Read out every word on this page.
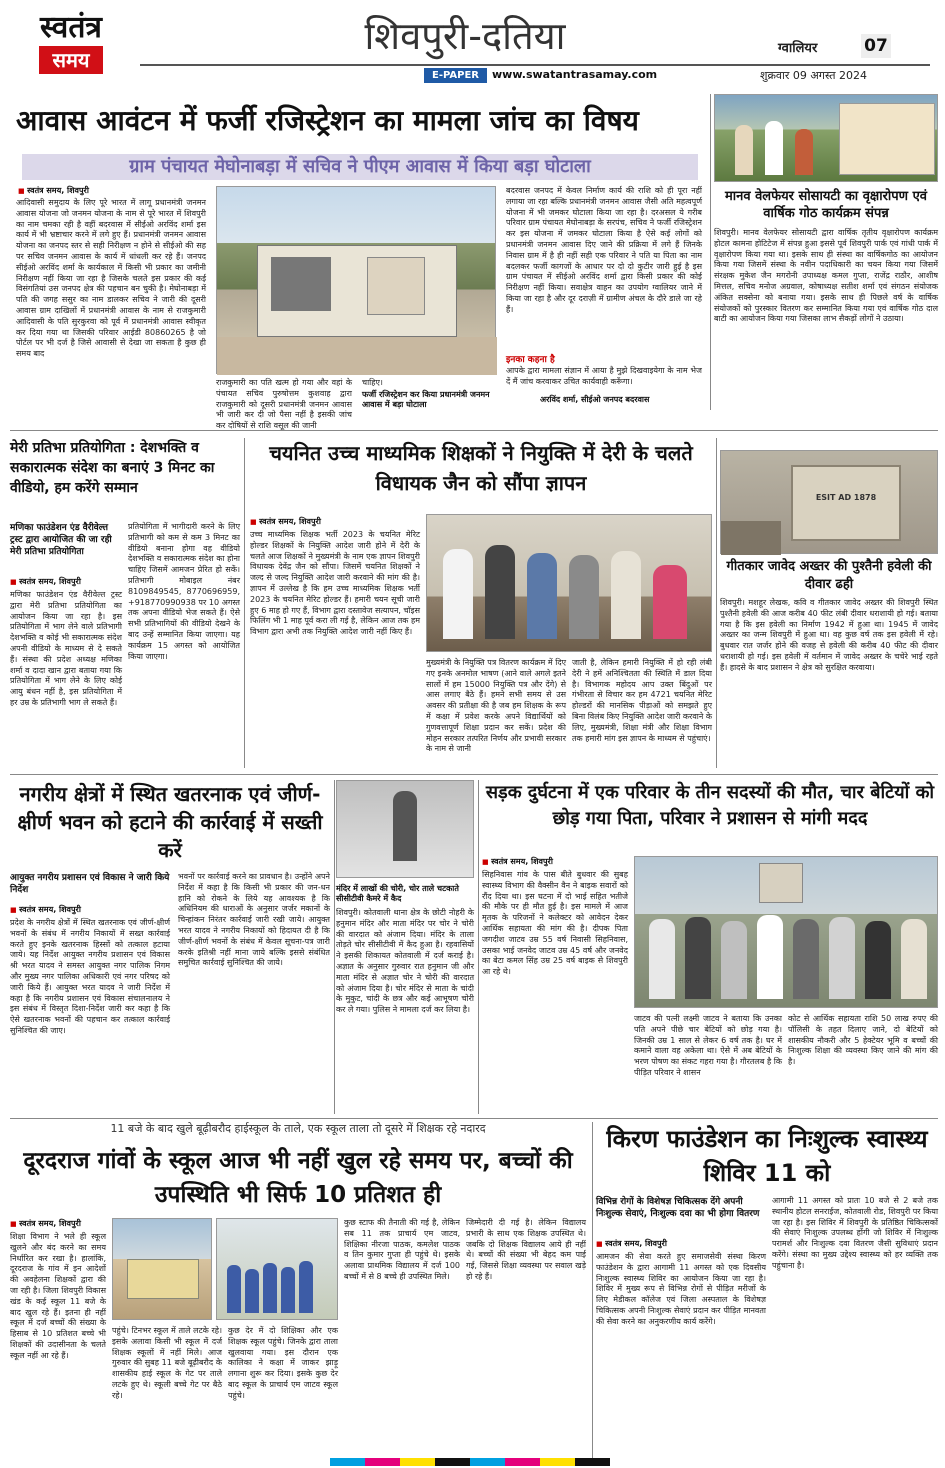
स्वतंत्र
समय
शिवपुरी-दतिया
E-PAPER	www.swatantrasamay.com
ग्वालियर	07
शुक्रवार 09 अगस्त 2024
आवास आवंटन में फर्जी रजिस्ट्रेशन का मामला जांच का विषय
ग्राम पंचायत मेघोनाबड़ा में सचिव ने पीएम आवास में किया बड़ा घोटाला
■ स्वतंत्र समय, शिवपुरी
आदिवासी समुदाय के लिए पूरे भारत में लागू प्रधानमंत्री जनमन आवास योजना जो जनमन योजना के नाम से पूरे भारत में शिवपुरी का नाम चमका रही है वहीं बदरवास में सीईओ अरविंद शर्मा इस कार्य में भी भ्रष्टाचार करने में लगे हुए हैं। प्रधानमंत्री जनमन आवास योजना का जनपद स्तर से सही निरीक्षण न होने से सीईओ की सह पर सचिव जनमन आवास के कार्य में धांधली कर रहे हैं। जनपद सीईओ अरविंद शर्मा के कार्यकाल में किसी भी प्रकार का जमीनी निरीक्षण नहीं किया जा रहा है जिसके चलते इस प्रकार की कई विसंगतियां उस जनपद क्षेत्र की पहचान बन चुकी है। मेघोनाबड़ा में पति की जगह ससुर का नाम डालकर सचिव ने जारी की दूसरी आवास ग्राम दाखिलों में प्रधानमंत्री आवास के नाम से राजकुमारी आदिवासी के पति सुरकुरवा को पूर्व में प्रधानमंत्री आवास स्वीकृत कर दिया गया था जिसकी परिवार आईडी 80860265 है जो पोर्टल पर भी दर्ज है जिसे आवासी से देखा जा सकता है कुछ ही समय बाद
राजकुमारी का पति खत्म हो गया और वहां के पंचायत सचिव पुरुषोत्तम कुशवाह द्वारा राजकुमारी को दूसरी प्रधानमंत्री जनमन आवास भी जारी कर दी जो पैसा नहीं है इसकी जांच कर दोषियों से राशि वसूल की जानी
चाहिए।
फर्जी रजिस्ट्रेशन कर किया प्रधानमंत्री जनमन आवास में बड़ा घोटाला
बदरवास जनपद में केवल निर्माण कार्य की राशि को ही पूरा नहीं लगाया जा रहा बल्कि प्रधानमंत्री जनमन आवास जैसी अति महत्वपूर्ण योजना में भी जमकर घोटाला किया जा रहा है। दरअसल ये गरीब परिवार ग्राम पंचायत मेघोनाबड़ा के सरपंच, सचिव ने फर्जी रजिस्ट्रेशन कर इस योजना में जमकर घोटाला किया है ऐसे कई लोगों को प्रधानमंत्री जनमन आवास दिए जाने की प्रक्रिया में लगे हैं जिनके निवास ग्राम में है ही नहीं सही एक परिवार ने पति या पिता का नाम बदलकर फर्जी कागजों के आधार पर दो दो कुटीर जारी हुई है इस ग्राम पंचायत में सीईओ अरविंद शर्मा द्वारा किसी प्रकार की कोई निरीक्षण नहीं किया। सवाक्षेत्र वाहन का उपयोग ग्वालियर जाने में किया जा रहा है और दूर दराज़ी में ग्रामीण अंचल के दौरे डाले जा रहे हैं।
इनका कहना है
आपके द्वारा मामला संज्ञान में आया है मुझे दिखवाइयेगा के नाम भेज दें मैं जांच करवाकर उचित कार्यवाही करूँगा।
अरविंद शर्मा, सीईओ जनपद बदरवास
मानव वेलफेयर सोसायटी का वृक्षारोपण एवं वार्षिक गोठ कार्यक्रम संपन्न
शिवपुरी। मानव वेलफेयर सोसायटी द्वारा वार्षिक तृतीय वृक्षारोपण कार्यक्रम होटल कामना होटिटेज में संपन्न हुआ इससे पूर्व शिवपुरी पार्क एवं गांधी पार्क में वृक्षारोपण किया गया था। इसके साथ ही संस्था का वार्षिकगोठ का आयोजन किया गया जिसमें संस्था के नवीन पदाधिकारी का चयन किया गया जिसमें संरक्षक मुकेश जैन मगरोनी उपाध्यक्ष कमल गुप्ता, राजेंद्र राठौर, आशीष मित्तल, सचिव मनोज अग्रवाल, कोषाध्यक्ष सतीश शर्मा एवं संगठन संयोजक अंकित सक्सेना को बनाया गया। इसके साथ ही पिछले वर्ष के वार्षिक संयोजकों को पुरस्कार वितरण कर सम्मानित किया गया एवं वार्षिक गोठ दाल बाटी का आयोजन किया गया जिसका लाभ सैकड़ों लोगों ने उठाया।
मेरी प्रतिभा प्रतियोगिता : देशभक्ति व सकारात्मक संदेश का बनाएं 3 मिनट का वीडियो, हम करेंगे सम्मान
मणिका फाउंडेशन एंड वैरीवेल्त ट्रस्ट द्वारा आयोजित की जा रही मेरी प्रतिभा प्रतियोगिता
■ स्वतंत्र समय, शिवपुरी
मणिका फाउंडेशन एंड वैरीवेल्त ट्रस्ट द्वारा मेरी प्रतिभा प्रतियोगिता का आयोजन किया जा रहा है। इस प्रतियोगिता में भाग लेने वाले प्रतिभागी देशभक्ति व कोई भी सकारात्मक संदेश अपनी वीडियो के माध्यम से दे सकते हैं। संस्था की प्रदेश अध्यक्ष मणिका शर्मा व दादा खान द्वारा बताया गया कि प्रतियोगिता में भाग लेने के लिए कोई आयु बंधन नहीं है, इस प्रतियोगिता में हर उम्र के प्रतिभागी भाग ले सकते हैं।
प्रतियोगिता में भागीदारी करने के लिए प्रतिभागी को कम से कम 3 मिनट का वीडियो बनाना होगा वह वीडियो देशभक्ति व सकारात्मक संदेश का होना चाहिए जिसमें आमजन प्रेरित हो सकें। प्रतिभागी मोबाइल नंबर 8109849545, 8770696959, +918770990938 पर 10 अगस्त तक अपना वीडियो भेज सकते हैं। ऐसे सभी प्रतिभागियों की वीडियो देखने के बाद उन्हें सम्मानित किया जाएगा। यह कार्यक्रम 15 अगस्त को आयोजित किया जाएगा।
चयनित उच्च माध्यमिक शिक्षकों ने नियुक्ति में देरी के चलते विधायक जैन को सौंपा ज्ञापन
■ स्वतंत्र समय, शिवपुरी
उच्च माध्यमिक शिक्षक भर्ती 2023 के चयनित मेरिट होल्डर शिक्षकों के नियुक्ति आदेश जारी होने में देरी के चलते आज शिक्षकों ने मुख्यमंत्री के नाम एक ज्ञापन शिवपुरी विधायक देवेंद्र जैन को सौंपा। जिसमें चयनित शिक्षकों ने जल्द से जल्द नियुक्ति आदेश जारी करवाने की मांग की है। ज्ञापन में उल्लेख है कि हम उच्च माध्यमिक शिक्षक भर्ती 2023 के चयनित मेरिट होल्डर हैं। हमारी चयन सूची जारी हुए 6 माह हो गए हैं, विभाग द्वारा दस्तावेज सत्यापन, चॉइस फिलिंग भी 1 माह पूर्व करा ली गई है, लेकिन आज तक हम विभाग द्वारा अभी तक नियुक्ति आदेश जारी नहीं किए हैं।
मुख्यमंत्री के नियुक्ति पत्र वितरण कार्यक्रम में दिए गए इनके अनमोल भाषण (आने वाले अगले इतने सालों में हम 15000 नियुक्ति पत्र और देंगे) से आस लगाए बैठे हैं। हमने सभी समय से उस अवसर की प्रतीक्षा की है जब हम शिक्षक के रूप में कक्षा में प्रवेश करके अपने विद्यार्थियों को गुणवत्तापूर्ण शिक्षा प्रदान कर सकें। प्रदेश की मोहन सरकार तत्परित निर्णय और प्रभावी सरकार के नाम से जानी
जाती है, लेकिन हमारी नियुक्ति में हो रही लंबी देरी ने हमें अनिश्चितता की स्थिति में डाल दिया है। विभागक महोदय आप उक्त बिंदुओं पर गंभीरता से विचार कर हम 4721 चयनित मेरिट होल्डरों की मानसिक पीड़ाओं को समझते हुए बिना विलंब किए नियुक्ति आदेश जारी करवाने के लिए, मुख्यमंत्री, शिक्षा मंत्री और शिक्षा विभाग तक हमारी मांग इस ज्ञापन के माध्यम से पहुंचाएं।
ESIT AD 1878
गीतकार जावेद अख्तर की पुश्तैनी हवेली की दीवार ढही
शिवपुरी। मशहूर लेखक, कवि व गीतकार जावेद अख्तर की शिवपुरी स्थित पुश्तैनी हवेली की आज करीब 40 फीट लंबी दीवार धराशायी हो गई। बताया गया है कि इस हवेली का निर्माण 1942 में हुआ था। 1945 में जावेद अख्तर का जन्म शिवपुरी में हुआ था। वह कुछ वर्ष तक इस हवेली में रहे। बुधवार रात जर्जर होने की वजह से हवेली की करीब 40 फीट की दीवार धराशायी हो गई। इस हवेली में वर्तमान में जावेद अख्तर के चचेरे भाई रहते हैं। हादसे के बाद प्रशासन ने क्षेत्र को सुरक्षित करवाया।
नगरीय क्षेत्रों में स्थित खतरनाक एवं जीर्ण-क्षीर्ण भवन को हटाने की कार्रवाई में सख्ती करें
आयुक्त नगरीय प्रशासन एवं विकास ने जारी किये निर्देश
■ स्वतंत्र समय, शिवपुरी
प्रदेश के नगरीय क्षेत्रों में स्थित खतरनाक एवं जीर्ण-क्षीर्ण भवनों के संबंध में नगरीय निकायों में सख्त कार्रवाई करते हुए इनके खतरनाक हिस्सों को तत्काल हटाया जाये। यह निर्देश आयुक्त नगरीय प्रशासन एवं विकास श्री भरत यादव ने समस्त आयुक्त नगर पालिक निगम और मुख्य नगर पालिका अधिकारी एवं नगर परिषद को जारी किये हैं। आयुक्त भरत यादव ने जारी निर्देश में कहा है कि नगरीय प्रशासन एवं विकास संचालनालय ने इस संबंध में विस्तृत दिशा-निर्देश जारी कर कहा है कि ऐसे खतरनाक भवनों की पहचान कर तत्काल कार्रवाई सुनिश्चित की जाए।
भवनों पर कार्रवाई करने का प्रावधान है। उन्होंने अपने निर्देश में कहा है कि किसी भी प्रकार की जन-धन हानि को रोकने के लिये यह आवश्यक है कि अधिनियम की धाराओं के अनुसार जर्जर मकानों के चिन्हांकन निरंतर कार्रवाई जारी रखी जाये। आयुक्त भरत यादव ने नगरीय निकायों को हिदायत दी है कि जीर्ण-क्षीर्ण भवनों के संबंध में केवल सूचना-पत्र जारी करके इतिश्री नहीं माना जाये बल्कि इससे संबंधित समुचित कार्रवाई सुनिश्चित की जाये।
मंदिर में लाखों की चोरी, चोर ताले चटकाते सीसीटीवी कैमरे में कैद
शिवपुरी। कोतवाली थाना क्षेत्र के छोटी नोहरी के हनुमान मंदिर और माता मंदिर पर चोर ने चोरी की वारदात को अंजाम दिया। मंदिर के ताला तोड़ते चोर सीसीटीवी में कैद हुआ है। रहवासियों ने इसकी शिकायत कोतवाली में दर्ज कराई है। अज्ञात के अनुसार गुरुवार रात हनुमान जी और माता मंदिर से अज्ञात चोर ने चोरी की वारदात को अंजाम दिया है। चोर मंदिर से माता के चांदी के मुकुट, चांदी के छत्र और कई आभूषण चोरी कर ले गया। पुलिस ने मामला दर्ज कर लिया है।
सड़क दुर्घटना में एक परिवार के तीन सदस्यों की मौत, चार बेटियों को छोड़ गया पिता, परिवार ने प्रशासन से मांगी मदद
■ स्वतंत्र समय, शिवपुरी
सिहनिवास गांव के पास बीते बुधवार की सुबह स्वास्थ्य विभाग की वैक्सीन वैन ने बाइक सवारों को रौंद दिया था। इस घटना में दो भाई सहित भतीजे की मौके पर ही मौत हुई है। इस मामले में आज मृतक के परिजनों ने कलेक्टर को आवेदन देकर आर्थिक सहायता की मांग की है। दीपक पिता जगदीश जाटव उम्र 55 वर्ष निवासी सिहनिवास, उसका भाई जनवेद जाटव उम्र 45 वर्ष और जनवेद का बेटा कमल सिंह उम्र 25 वर्ष बाइक से शिवपुरी आ रहे थे।
जाटव की पत्नी लक्ष्मी जाटव ने बताया कि उनका पति अपने पीछे चार बेटियों को छोड़ गया है। जिनकी उम्र 1 साल से लेकर 6 वर्ष तक है। घर में कमाने वाला वह अकेला था। ऐसे में अब बेटियों के भरण पोषण का संकट गहरा गया है। गौरतलब है कि पीड़ित परिवार ने शासन
कोट से आर्थिक सहायता राशि 50 लाख रुपए की पॉलिसी के तहत दिलाए जाने, दो बेटियों को शासकीय नौकरी और 5 हेक्टेयर भूमि व बच्चों की निःशुल्क शिक्षा की व्यवस्था किए जाने की मांग की है।
11 बजे के बाद खुले बूढ़ीबरौद हाईस्कूल के ताले, एक स्कूल ताला तो दूसरे में शिक्षक रहे नदारद
दूरदराज गांवों के स्कूल आज भी नहीं खुल रहे समय पर, बच्चों की उपस्थिति भी सिर्फ 10 प्रतिशत ही
■ स्वतंत्र समय, शिवपुरी
शिक्षा विभाग ने भले ही स्कूल खुलने और बंद करने का समय निर्धारित कर रखा है। हालांकि, दूरदराज के गांव में इन आदेशों की अवहेलना शिक्षकों द्वारा की जा रही है। जिला शिवपुरी विकास खंड के कई स्कूल 11 बजे के बाद खुल रहे हैं। इतना ही नहीं स्कूल में दर्ज बच्चों की संख्या के हिसाब से 10 प्रतिशत बच्चे भी शिक्षकों की उदासीनता के चलते स्कूल नहीं आ रहे हैं।
पहुंचे। टिनभर स्कूल में ताले लटके रहे। इसके अलावा किसी भी स्कूल में दर्ज शिक्षक स्कूलों में नहीं मिले। आज गुरुवार की सुबह 11 बजे बूढ़ीबरौद के शासकीय हाई स्कूल के गेट पर ताले लटके हुए थे। स्कूली बच्चे गेट पर बैठे रहे।
कुछ देर में दो शिक्षिका और एक शिक्षक स्कूल पहुंचे। जिनके द्वारा ताला खुलवाया गया। इस दौरान एक कालिका ने कक्षा में जाकर झाड़ू लगाना शुरू कर दिया। इसके कुछ देर बाद स्कूल के प्राचार्य एम जाटव स्कूल पहुंचे।
कुछ स्टाफ की तैनाती की गई है, लेकिन सब 11 तक प्राचार्य एम जाटव, शिक्षिका नीरजा पाठक, कमलेश पाठक व तिन कुमार गुप्ता ही पहुंचे थे। इसके अलावा प्राथमिक विद्यालय में दर्ज 100 बच्चों में से 8 बच्चे ही उपस्थित मिले।
जिम्मेदारी दी गई है। लेकिन विद्यालय प्रभारी के साथ एक शिक्षक उपस्थित थे। जबकि दो शिक्षक विद्यालय आये ही नहीं थे। बच्चों की संख्या भी बेहद कम पाई गई, जिससे शिक्षा व्यवस्था पर सवाल खड़े हो रहे हैं।
किरण फाउंडेशन का निःशुल्क स्वास्थ्य शिविर 11 को
विभिन्न रोगों के विशेषज्ञ चिकित्सक देंगे अपनी निःशुल्क सेवाएं, निःशुल्क दवा का भी होगा वितरण
■ स्वतंत्र समय, शिवपुरी
आमजन की सेवा करते हुए समाजसेवी संस्था किरण फाउंडेशन के द्वारा आगामी 11 अगस्त को एक दिवसीय निःशुल्क स्वास्थ्य शिविर का आयोजन किया जा रहा है। शिविर में मुख्य रूप से विभिन्न रोगों से पीड़ित मरीजों के लिए मेडीकल कॉलेज एवं जिला अस्पताल के विशेषज्ञ चिकित्सक अपनी निःशुल्क सेवाएं प्रदान कर पीड़ित मानवता की सेवा करने का अनुकरणीय कार्य करेंगे।
आगामी 11 अगस्त को प्रातः 10 बजे से 2 बजे तक स्थानीय होटल सनराईज, कोतवाली रोड, शिवपुरी पर किया जा रहा है। इस शिविर में शिवपुरी के प्रतिष्ठित चिकित्सकों की सेवाएं निःशुल्क उपलब्ध होंगी जो शिविर में निःशुल्क परामर्श और निःशुल्क दवा वितरण जैसी सुविधाएं प्रदान करेंगे। संस्था का मुख्य उद्देश्य स्वास्थ्य को हर व्यक्ति तक पहुंचाना है।
